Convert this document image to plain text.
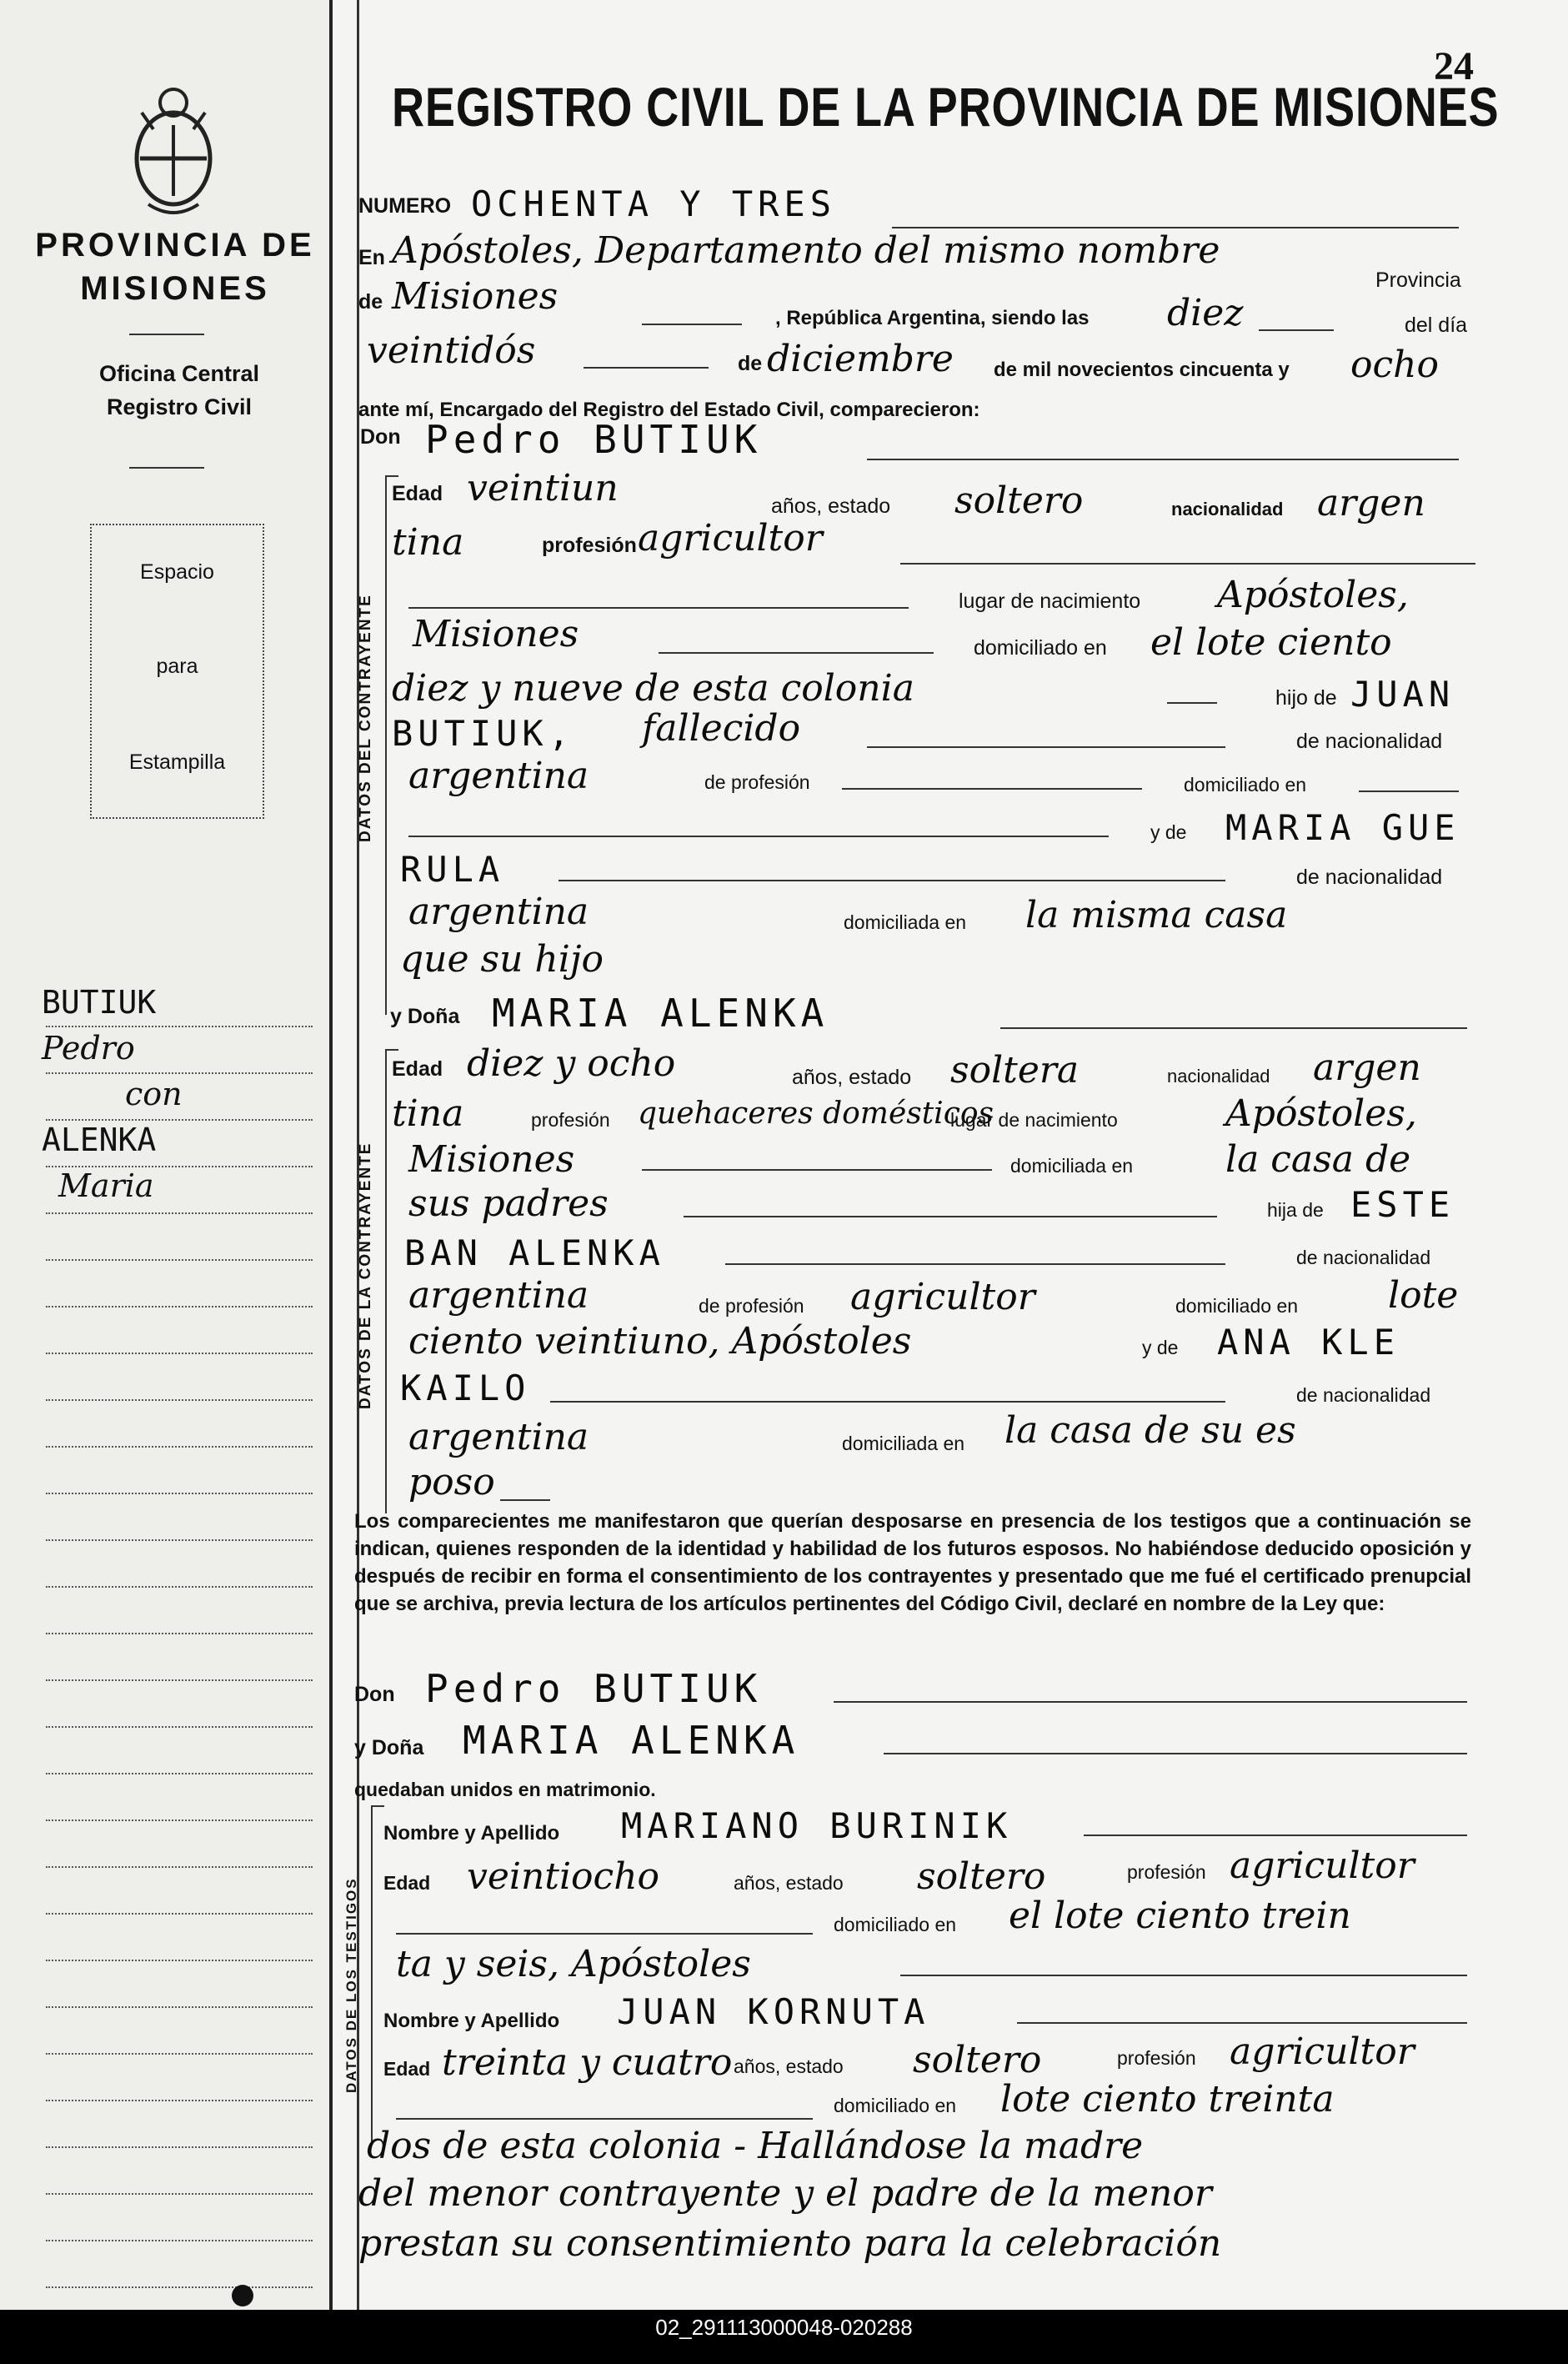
PROVINCIA DE MISIONES
Oficina Central Registro Civil
Espacio
para
Estampilla
BUTIUK
Pedro
con
ALENKA
Maria
24
REGISTRO CIVIL DE LA PROVINCIA DE MISIONES
NUMERO OCHENTA Y TRES
En Apóstoles, Departamento del mismo nombre
Provincia
de Misiones
, República Argentina, siendo las diez	del día
veintidós	de diciembre de mil novecientos cincuenta y ocho
ante mí, Encargado del Registro del Estado Civil, comparecieron:
Don Pedro BUTIUK
DATOS DEL CONTRAYENTE
Edad veintiun	años, estado soltero	nacionalidad argen
tina	profesión agricultor
lugar de nacimiento Apóstoles,
Misiones	domiciliado en el lote ciento
diez y nueve de esta colonia	hijo de JUAN
BUTIUK, fallecido	de nacionalidad
argentina	de profesión	domiciliado en
y de MARIA GUE
RULA	de nacionalidad
argentina	domiciliada en la misma casa
que su hijo
y Doña MARIA ALENKA
DATOS DE LA CONTRAYENTE
Edad diez y ocho	años, estado soltera	nacionalidad argen
tina	profesión quehaceres domésticos
lugar de nacimiento	Apóstoles,
Misiones	domiciliada en	la casa de
sus padres	hija de ESTE
BAN ALENKA	de nacionalidad
argentina	de profesión agricultor	domiciliado en lote
ciento veintiuno, Apóstoles	y de ANA KLE
KAILO	de nacionalidad
argentina	domiciliada en la casa de su es
poso
Los comparecientes me manifestaron que querían desposarse en presencia de los testigos que a continuación se indican, quienes responden de la identidad y habilidad de los futuros esposos. No habiéndose deducido oposición y después de recibir en forma el consentimiento de los contrayentes y presentado que me fué el certificado prenupcial que se archiva, previa lectura de los artículos pertinentes del Código Civil, declaré en nombre de la Ley que:
Don Pedro BUTIUK
y Doña MARIA ALENKA
quedaban unidos en matrimonio.
DATOS DE LOS TESTIGOS
Nombre y Apellido MARIANO BURINIK
Edad veintiocho	años, estado soltero	profesión agricultor
domiciliado en el lote ciento trein
ta y seis, Apóstoles
Nombre y Apellido JUAN KORNUTA
Edad treinta y cuatro años, estado soltero	profesión agricultor
domiciliado en lote ciento treinta
dos de esta colonia - Hallándose la madre
del menor contrayente y el padre de la menor
prestan su consentimiento para la celebración
02_291113000048-020288
